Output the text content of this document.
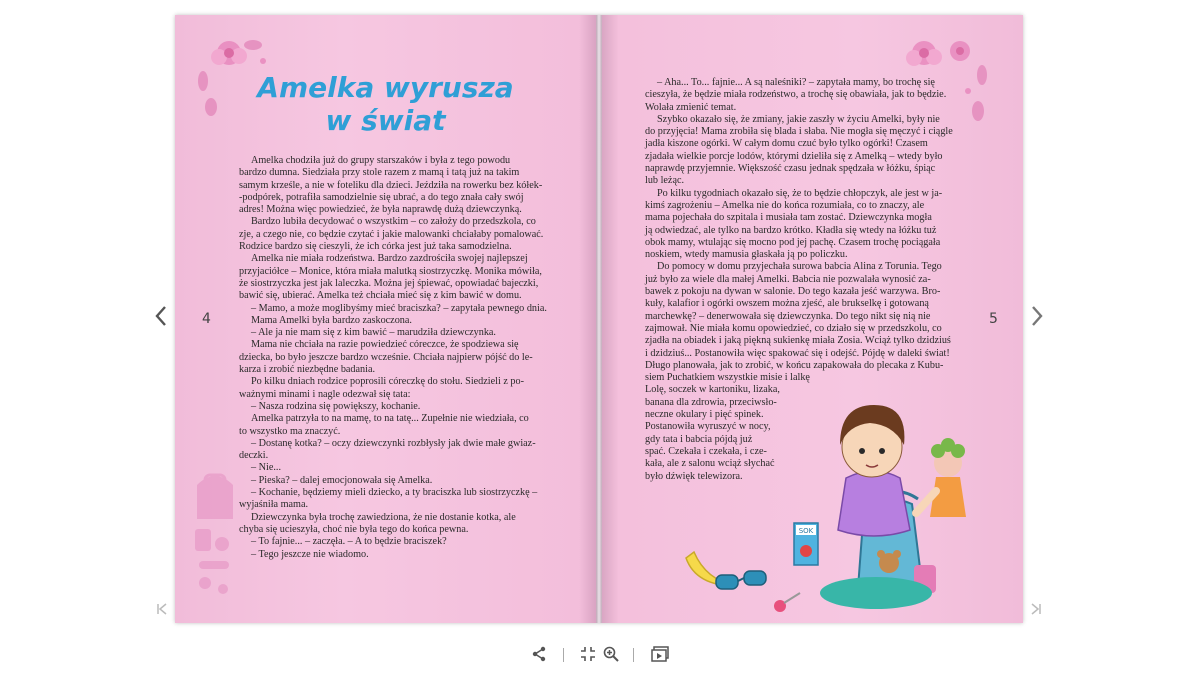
Amelka wyrusza
w świat

Amelka chodziła już do grupy starszaków i była z tego powodu

bardzo dumna. Siedziała przy stole razem z mamą i tatą już na takim

samym krześle, a nie w foteliku dla dzieci. Jeździła na rowerku bez kółek-

-podpórek, potrafiła samodzielnie się ubrać, a do tego znała cały swój

adres! Można więc powiedzieć, że była naprawdę dużą dziewczynką.

Bardzo lubiła decydować o wszystkim – co założy do przedszkola, co

zje, a czego nie, co będzie czytać i jakie malowanki chciałaby pomalować.

Rodzice bardzo się cieszyli, że ich córka jest już taka samodzielna.

Amelka nie miała rodzeństwa. Bardzo zazdrościła swojej najlepszej

przyjaciółce – Monice, która miała malutką siostrzyczkę. Monika mówiła,

że siostrzyczka jest jak laleczka. Można jej śpiewać, opowiadać bajeczki,

bawić się, ubierać. Amelka też chciała mieć się z kim bawić w domu.

– Mamo, a może moglibyśmy mieć braciszka? – zapytała pewnego dnia.

Mama Amelki była bardzo zaskoczona.

– Ale ja nie mam się z kim bawić – marudziła dziewczynka.

Mama nie chciała na razie powiedzieć córeczce, że spodziewa się

dziecka, bo było jeszcze bardzo wcześnie. Chciała najpierw pójść do le-

karza i zrobić niezbędne badania.

Po kilku dniach rodzice poprosili córeczkę do stołu. Siedzieli z po-

ważnymi minami i nagle odezwał się tata:

– Nasza rodzina się powiększy, kochanie.

Amelka patrzyła to na mamę, to na tatę... Zupełnie nie wiedziała, co

to wszystko ma znaczyć.

– Dostanę kotka? – oczy dziewczynki rozbłysły jak dwie małe gwiaz-

deczki.

– Nie...

– Pieska? – dalej emocjonowała się Amelka.

– Kochanie, będziemy mieli dziecko, a ty braciszka lub siostrzyczkę –

wyjaśniła mama.

Dziewczynka była trochę zawiedziona, że nie dostanie kotka, ale

chyba się ucieszyła, choć nie była tego do końca pewna.

– To fajnie... – zaczęła. – A to będzie braciszek?

– Tego jeszcze nie wiadomo.

4

– Aha... To... fajnie... A są naleśniki? – zapytała mamy, bo trochę się

cieszyła, że będzie miała rodzeństwo, a trochę się obawiała, jak to będzie.

Wolała zmienić temat.

Szybko okazało się, że zmiany, jakie zaszły w życiu Amelki, były nie

do przyjęcia! Mama zrobiła się blada i słaba. Nie mogła się męczyć i ciągle

jadła kiszone ogórki. W całym domu czuć było tylko ogórki! Czasem

zjadała wielkie porcje lodów, którymi dzieliła się z Amelką – wtedy było

naprawdę przyjemnie. Większość czasu jednak spędzała w łóżku, śpiąc

lub leżąc.

Po kilku tygodniach okazało się, że to będzie chłopczyk, ale jest w ja-

kimś zagrożeniu – Amelka nie do końca rozumiała, co to znaczy, ale

mama pojechała do szpitala i musiała tam zostać. Dziewczynka mogła

ją odwiedzać, ale tylko na bardzo krótko. Kładła się wtedy na łóżku tuż

obok mamy, wtulając się mocno pod jej pachę. Czasem trochę pociągała

noskiem, wtedy mamusia głaskała ją po policzku.

Do pomocy w domu przyjechała surowa babcia Alina z Torunia. Tego

już było za wiele dla małej Amelki. Babcia nie pozwalała wynosić za-

bawek z pokoju na dywan w salonie. Do tego kazała jeść warzywa. Bro-

kuły, kalafior i ogórki owszem można zjeść, ale brukselkę i gotowaną

marchewkę? – denerwowała się dziewczynka. Do tego nikt się nią nie

zajmował. Nie miała komu opowiedzieć, co działo się w przedszkolu, co

zjadła na obiadek i jaką piękną sukienkę miała Zosia. Wciąż tylko dzidziuś

i dzidziuś... Postanowiła więc spakować się i odejść. Pójdę w daleki świat!

Długo planowała, jak to zrobić, w końcu zapakowała do plecaka z Kubu-

siem Puchatkiem wszystkie misie i lalkę

Lolę, soczek w kartoniku, lizaka,

banana dla zdrowia, przeciwsło-

neczne okulary i pięć spinek.

Postanowiła wyruszyć w nocy,

gdy tata i babcia pójdą już

spać. Czekała i czekała, i cze-

kała, ale z salonu wciąż słychać

było dźwięk telewizora.

5
SOK
